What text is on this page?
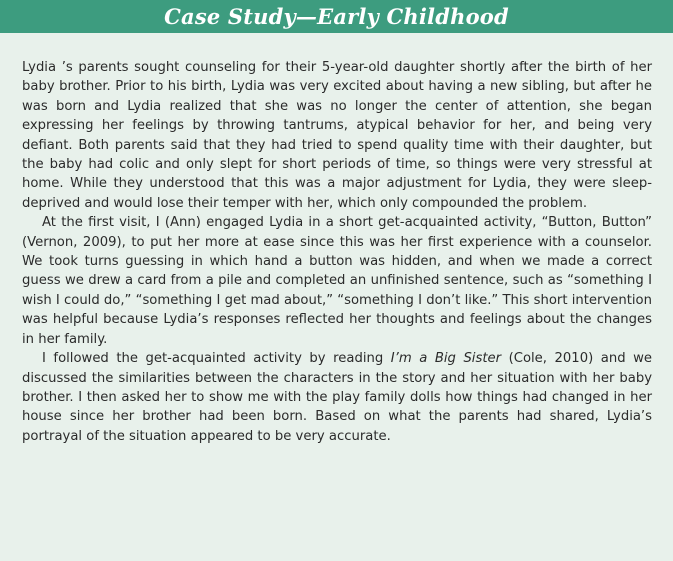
Case Study—Early Childhood

Lydia ’s parents sought counseling for their 5-year-old daughter shortly after the birth of her baby brother. Prior to his birth, Lydia was very excited about having a new sibling, but after he was born and Lydia realized that she was no longer the center of attention, she began expressing her feelings by throwing tantrums, atypical behavior for her, and being very defiant. Both parents said that they had tried to spend quality time with their daughter, but the baby had colic and only slept for short periods of time, so things were very stressful at home. While they understood that this was a major adjustment for Lydia, they were sleep-deprived and would lose their temper with her, which only compounded the problem.

At the first visit, I (Ann) engaged Lydia in a short get-acquainted activity, “Button, Button” (Vernon, 2009), to put her more at ease since this was her first experience with a counselor. We took turns guessing in which hand a button was hidden, and when we made a correct guess we drew a card from a pile and completed an unfinished sentence, such as “something I wish I could do,” “something I get mad about,” “something I don’t like.” This short intervention was helpful because Lydia’s responses reflected her thoughts and feelings about the changes in her family.

I followed the get-acquainted activity by reading I’m a Big Sister (Cole, 2010) and we discussed the similarities between the characters in the story and her situation with her baby brother. I then asked her to show me with the play family dolls how things had changed in her house since her brother had been born. Based on what the parents had shared, Lydia’s portrayal of the situation appeared to be very accurate.
